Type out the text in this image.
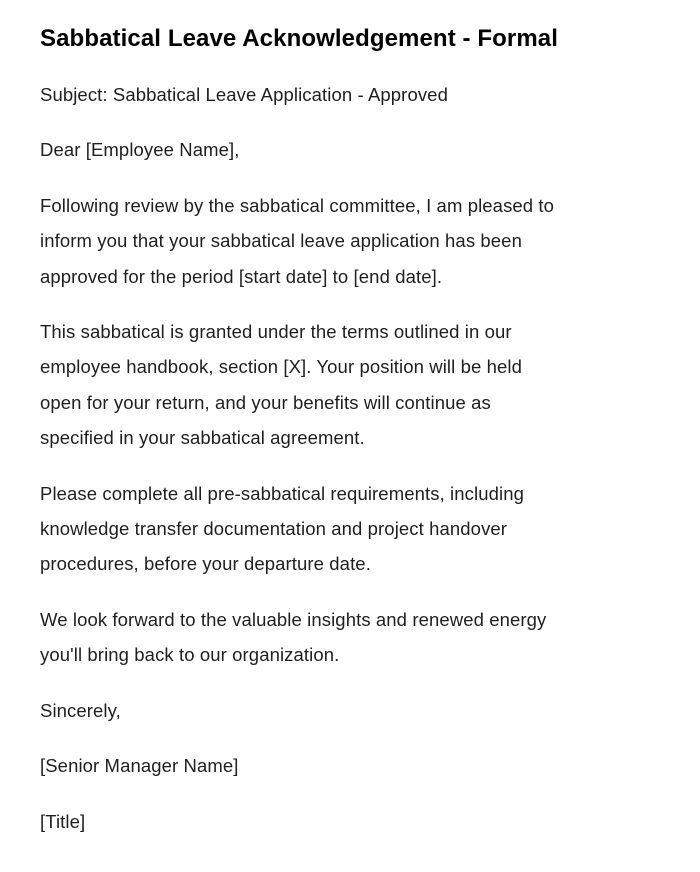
Sabbatical Leave Acknowledgement - Formal

Subject: Sabbatical Leave Application - Approved

Dear [Employee Name],

Following review by the sabbatical committee, I am pleased to
inform you that your sabbatical leave application has been
approved for the period [start date] to [end date].

This sabbatical is granted under the terms outlined in our
employee handbook, section [X]. Your position will be held
open for your return, and your benefits will continue as
specified in your sabbatical agreement.

Please complete all pre-sabbatical requirements, including
knowledge transfer documentation and project handover
procedures, before your departure date.

We look forward to the valuable insights and renewed energy
you'll bring back to our organization.

Sincerely,

[Senior Manager Name]

[Title]
